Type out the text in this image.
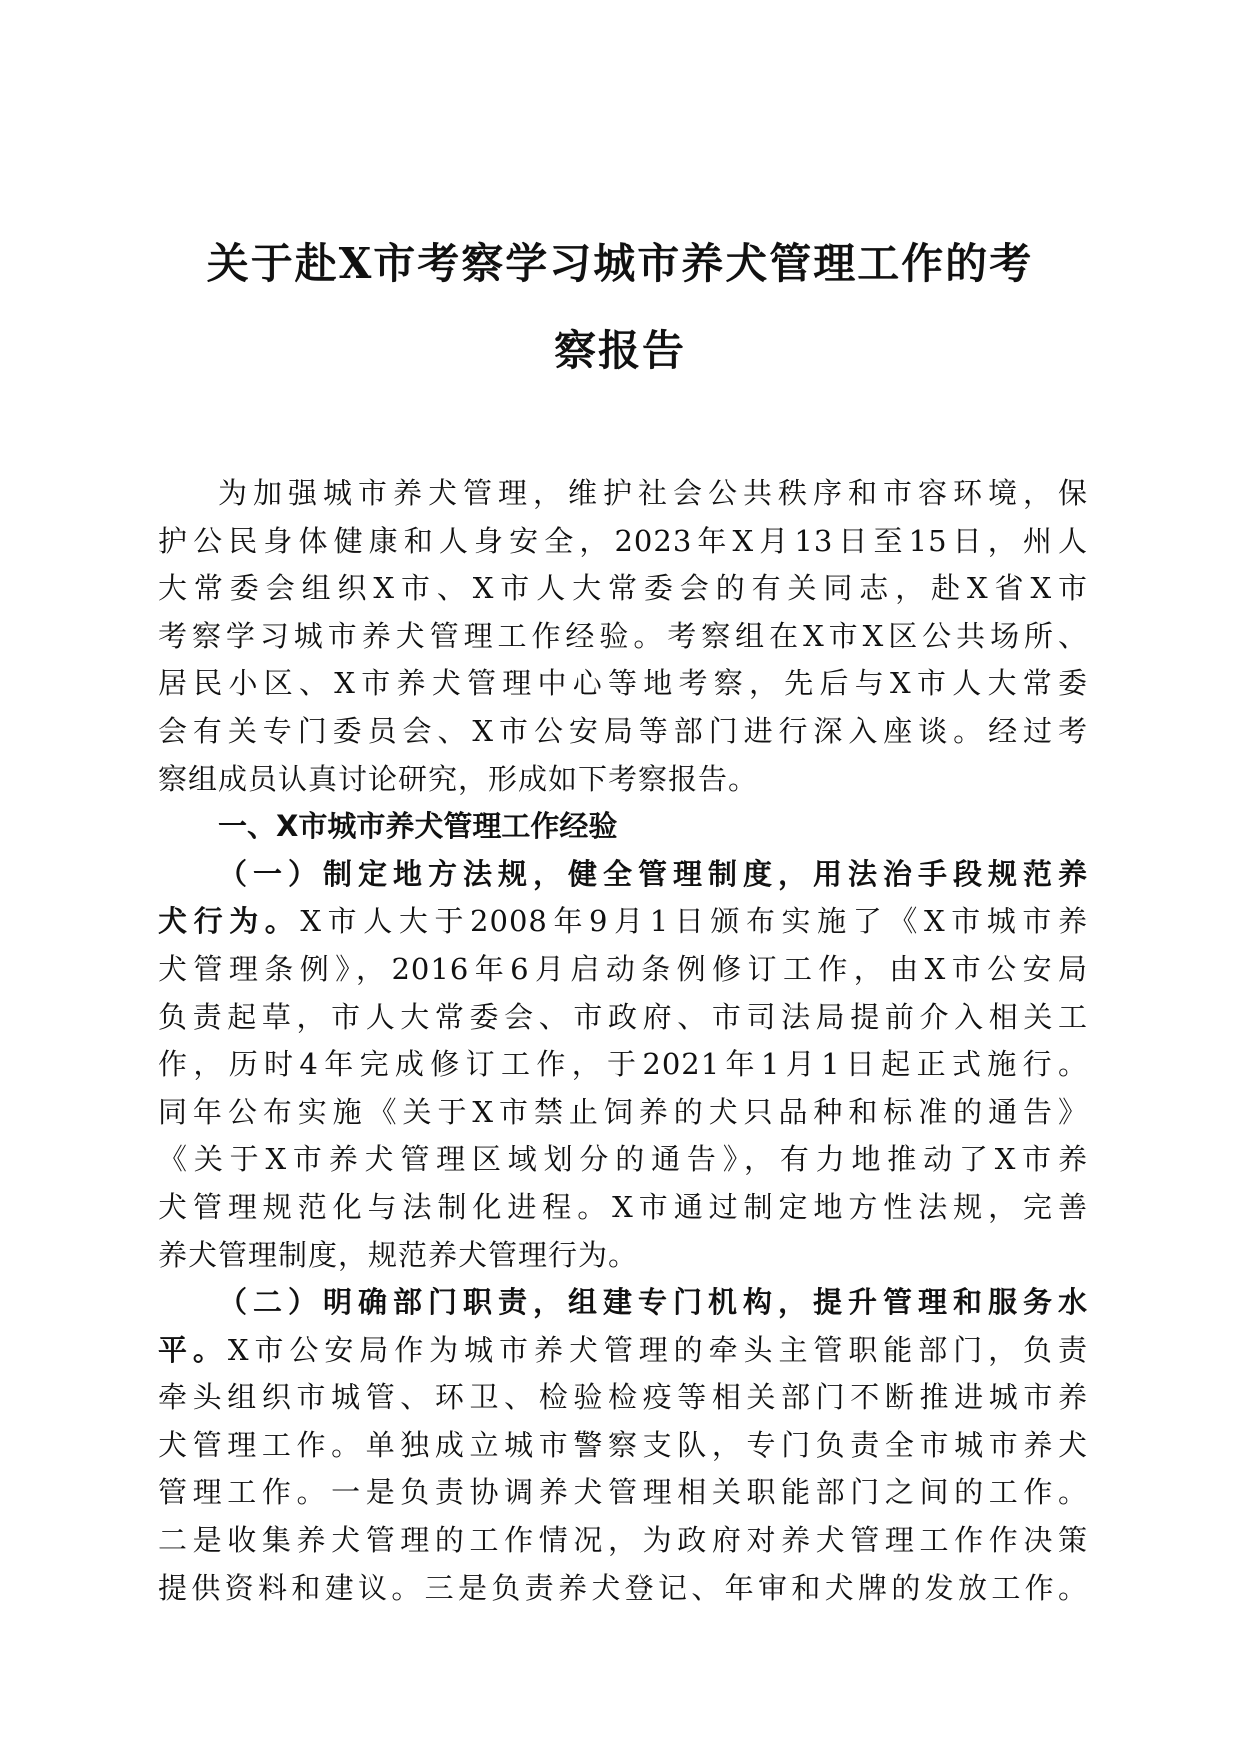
关于赴X市考察学习城市养犬管理工作的考
察报告
为加强城市养犬管理，维护社会公共秩序和市容环境，保
护公民身体健康和人身安全，2023年X月13日至15日，州人
大常委会组织X市、X市人大常委会的有关同志，赴X省X市
考察学习城市养犬管理工作经验。考察组在X市X区公共场所、
居民小区、X市养犬管理中心等地考察，先后与X市人大常委
会有关专门委员会、X市公安局等部门进行深入座谈。经过考
察组成员认真讨论研究，形成如下考察报告。
一、X市城市养犬管理工作经验
（一）制定地方法规，健全管理制度，用法治手段规范养
犬行为。X市人大于2008年9月1日颁布实施了《X市城市养
犬管理条例》，2016年6月启动条例修订工作，由X市公安局
负责起草，市人大常委会、市政府、市司法局提前介入相关工
作，历时4年完成修订工作，于2021年1月1日起正式施行。
同年公布实施《关于X市禁止饲养的犬只品种和标准的通告》
《关于X市养犬管理区域划分的通告》，有力地推动了X市养
犬管理规范化与法制化进程。X市通过制定地方性法规，完善
养犬管理制度，规范养犬管理行为。
（二）明确部门职责，组建专门机构，提升管理和服务水
平。X市公安局作为城市养犬管理的牵头主管职能部门，负责
牵头组织市城管、环卫、检验检疫等相关部门不断推进城市养
犬管理工作。单独成立城市警察支队，专门负责全市城市养犬
管理工作。一是负责协调养犬管理相关职能部门之间的工作。
二是收集养犬管理的工作情况，为政府对养犬管理工作作决策
提供资料和建议。三是负责养犬登记、年审和犬牌的发放工作。
